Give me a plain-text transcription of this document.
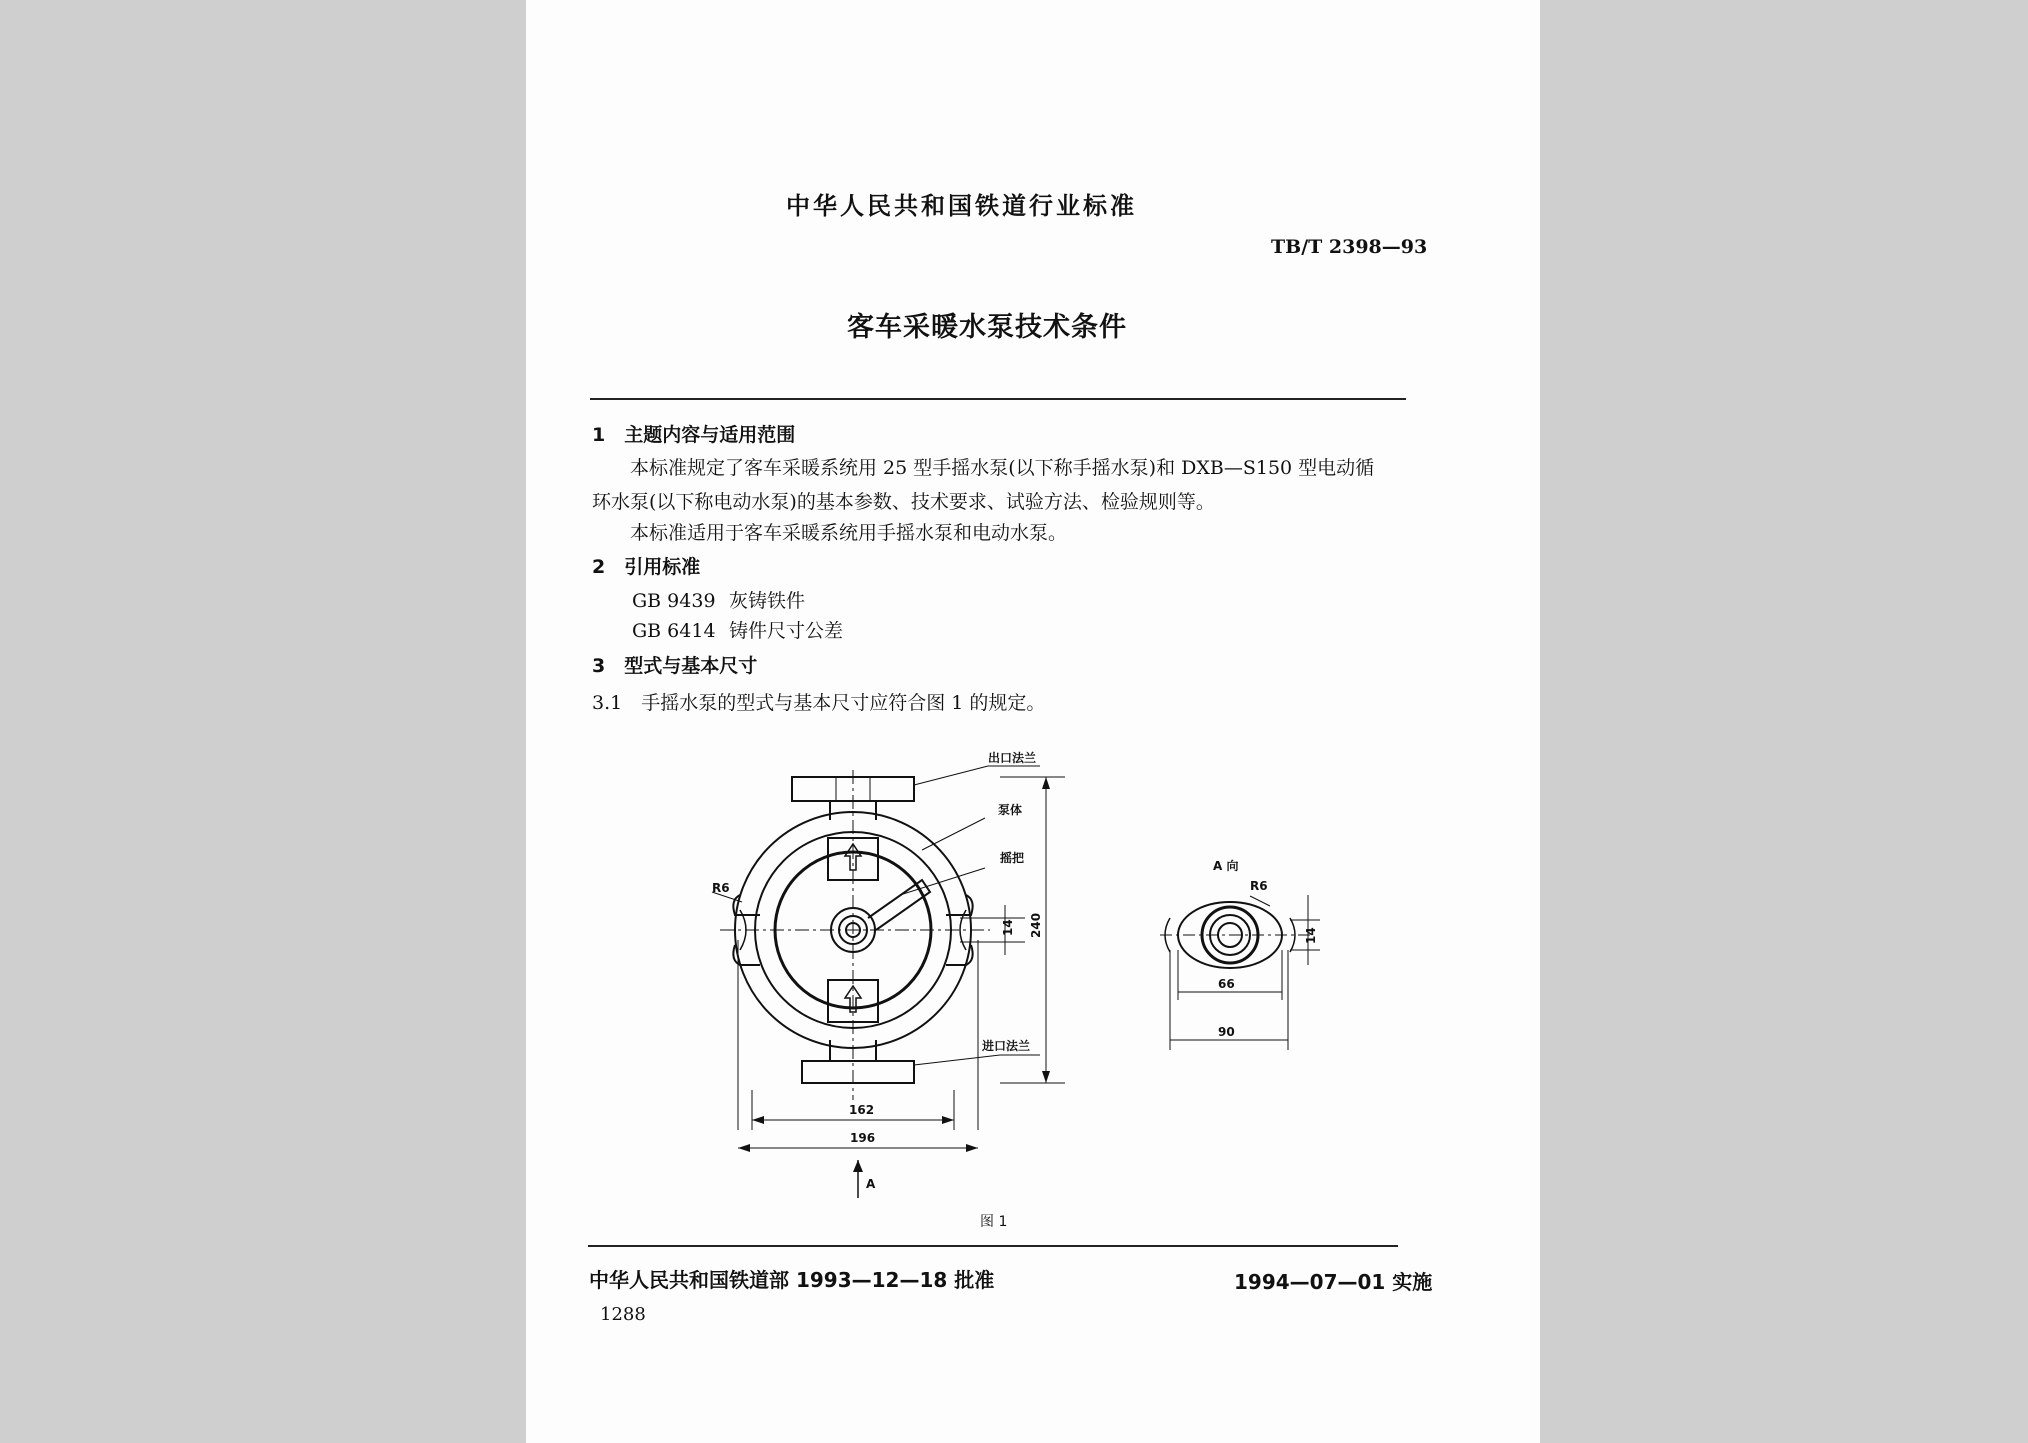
中华人民共和国铁道行业标准
TB/T 2398—93
客车采暖水泵技术条件
1　主题内容与适用范围
本标准规定了客车采暖系统用 25 型手摇水泵(以下称手摇水泵)和 DXB—S150 型电动循
环水泵(以下称电动水泵)的基本参数、技术要求、试验方法、检验规则等。
本标准适用于客车采暖系统用手摇水泵和电动水泵。
2　引用标准
GB 9439 灰铸铁件
GB 6414 铸件尺寸公差
3　型式与基本尺寸
3.1　手摇水泵的型式与基本尺寸应符合图 1 的规定。
出口法兰
泵体
摇把
进口法兰
A 向
A
R6	R6
14 240	14
162
196
66
90
图 1
中华人民共和国铁道部 1993—12—18 批准	1994—07—01 实施
1288
